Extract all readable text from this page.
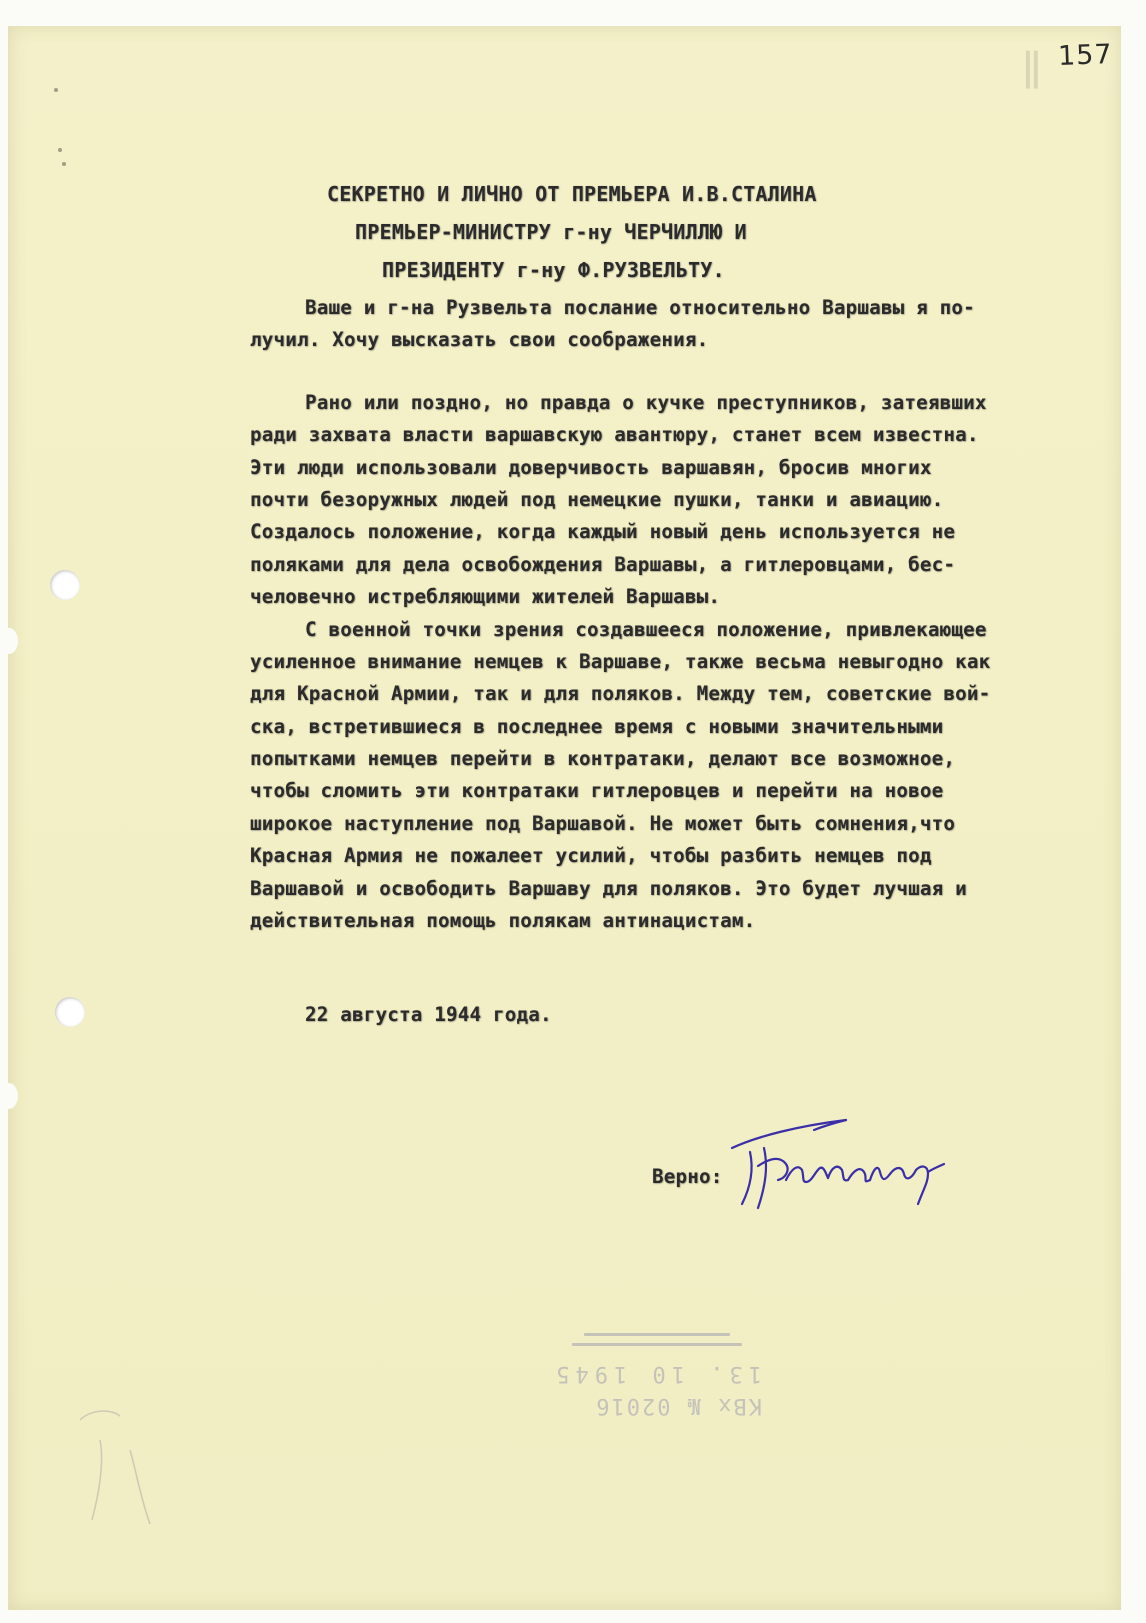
ǁ 157
СЕКРЕТНО И ЛИЧНО ОТ ПРЕМЬЕРА И.В.СТАЛИНА
ПРЕМЬЕР-МИНИСТРУ г-ну ЧЕРЧИЛЛЮ И
ПРЕЗИДЕНТУ г-ну Ф.РУЗВЕЛЬТУ.
Ваше и г-на Рузвельта послание относительно Варшавы я по-
лучил. Хочу высказать свои соображения.
Рано или поздно, но правда о кучке преступников, затеявших
ради захвата власти варшавскую авантюру, станет всем известна.
Эти люди использовали доверчивость варшавян, бросив многих
почти безоружных людей под немецкие пушки, танки и авиацию.
Создалось положение, когда каждый новый день используется не
поляками для дела освобождения Варшавы, а гитлеровцами, бес-
человечно истребляющими жителей Варшавы.
С военной точки зрения создавшееся положение, привлекающее
усиленное внимание немцев к Варшаве, также весьма невыгодно как
для Красной Армии, так и для поляков. Между тем, советские вой-
ска, встретившиеся в последнее время с новыми значительными
попытками немцев перейти в контратаки, делают все возможное,
чтобы сломить эти контратаки гитлеровцев и перейти на новое
широкое наступление под Варшавой. Не может быть сомнения,что
Красная Армия не пожалеет усилий, чтобы разбить немцев под
Варшавой и освободить Варшаву для поляков. Это будет лучшая и
действительная помощь полякам антинацистам.
22 августа 1944 года.
Верно:
КВх № 02016
13. 10 1945
